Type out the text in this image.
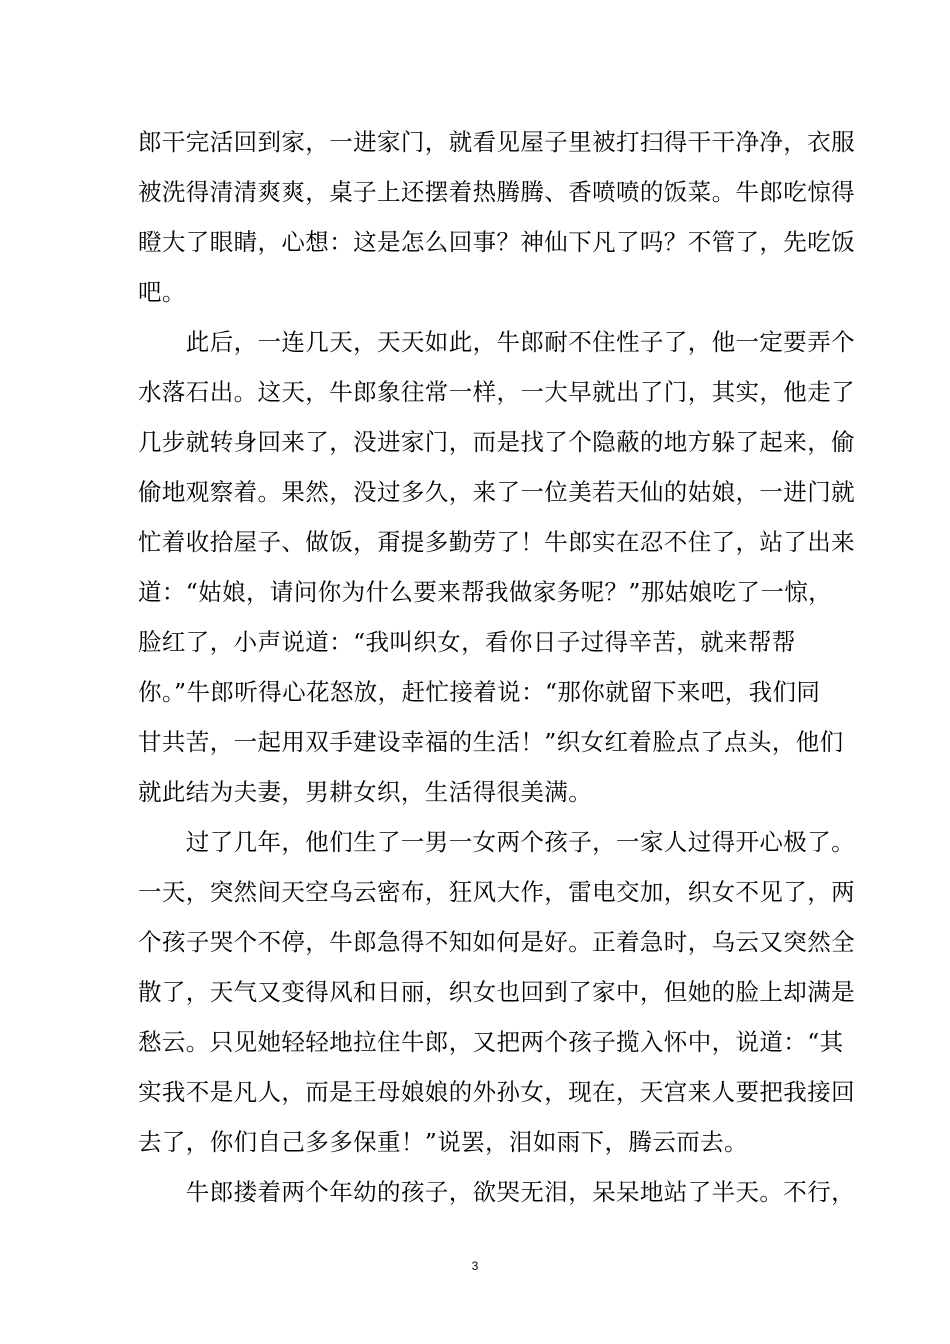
郎干完活回到家，一进家门，就看见屋子里被打扫得干干净净，衣服
被洗得清清爽爽，桌子上还摆着热腾腾、香喷喷的饭菜。牛郎吃惊得
瞪大了眼睛，心想：这是怎么回事？神仙下凡了吗？不管了，先吃饭
吧。

　　此后，一连几天，天天如此，牛郎耐不住性子了，他一定要弄个
水落石出。这天，牛郎象往常一样，一大早就出了门，其实，他走了
几步就转身回来了，没进家门，而是找了个隐蔽的地方躲了起来，偷
偷地观察着。果然，没过多久，来了一位美若天仙的姑娘，一进门就
忙着收拾屋子、做饭，甭提多勤劳了！牛郎实在忍不住了，站了出来
道：“姑娘，请问你为什么要来帮我做家务呢？”那姑娘吃了一惊，
脸红了，小声说道：“我叫织女，看你日子过得辛苦，就来帮帮
你。”牛郎听得心花怒放，赶忙接着说：“那你就留下来吧，我们同
甘共苦，一起用双手建设幸福的生活！”织女红着脸点了点头，他们
就此结为夫妻，男耕女织，生活得很美满。

　　过了几年，他们生了一男一女两个孩子，一家人过得开心极了。
一天，突然间天空乌云密布，狂风大作，雷电交加，织女不见了，两
个孩子哭个不停，牛郎急得不知如何是好。正着急时，乌云又突然全
散了，天气又变得风和日丽，织女也回到了家中，但她的脸上却满是
愁云。只见她轻轻地拉住牛郎，又把两个孩子揽入怀中，说道：“其
实我不是凡人，而是王母娘娘的外孙女，现在，天宫来人要把我接回
去了，你们自己多多保重！”说罢，泪如雨下，腾云而去。

　　牛郎搂着两个年幼的孩子，欲哭无泪，呆呆地站了半天。不行，

3
